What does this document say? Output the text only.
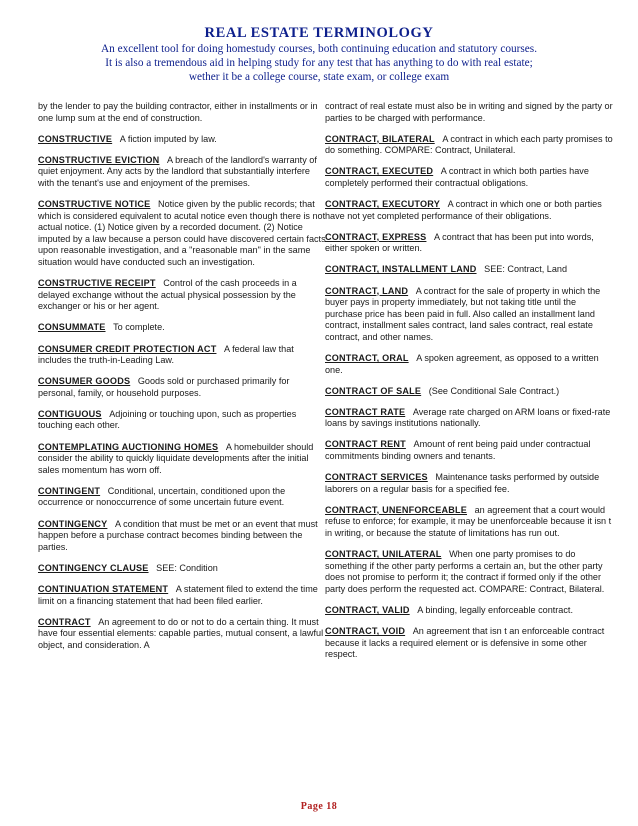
REAL ESTATE TERMINOLOGY
An excellent tool for doing homestudy courses, both continuing education and statutory courses.
It is also a tremendous aid in helping study for any test that has anything to do with real estate;
wether it be a college course, state exam, or college exam
by the lender to pay the building contractor, either in installments or in one lump sum at the end of construction.
CONSTRUCTIVE A fiction imputed by law.
CONSTRUCTIVE EVICTION A breach of the landlord's warranty of quiet enjoyment. Any acts by the landlord that substantially interfere with the tenant's use and enjoyment of the premises.
CONSTRUCTIVE NOTICE Notice given by the public records; that which is considered equivalent to acutal notice even though there is not actual notice. (1) Notice given by a recorded document. (2) Notice imputed by a law because a person could have discovered certain facts upon reasonable investigation, and a "reasonable man" in the same situation would have conducted such an investigation.
CONSTRUCTIVE RECEIPT Control of the cash proceeds in a delayed exchange without the actual physical possession by the exchanger or his or her agent.
CONSUMMATE To complete.
CONSUMER CREDIT PROTECTION ACT A federal law that includes the truth-in-Leading Law.
CONSUMER GOODS Goods sold or purchased primarily for personal, family, or household purposes.
CONTIGUOUS Adjoining or touching upon, such as properties touching each other.
CONTEMPLATING AUCTIONING HOMES A homebuilder should consider the ability to quickly liquidate developments after the initial sales momentum has worn off.
CONTINGENT Conditional, uncertain, conditioned upon the occurrence or nonoccurrence of some uncertain future event.
CONTINGENCY A condition that must be met or an event that must happen before a purchase contract becomes binding between the parties.
CONTINGENCY CLAUSE SEE: Condition
CONTINUATION STATEMENT A statement filed to extend the time limit on a financing statement that had been filed earlier.
CONTRACT An agreement to do or not to do a certain thing. It must have four essential elements: capable parties, mutual consent, a lawful object, and consideration. A
contract of real estate must also be in writing and signed by the party or parties to be charged with performance.
CONTRACT, BILATERAL A contract in which each party promises to do something. COMPARE: Contract, Unilateral.
CONTRACT, EXECUTED A contract in which both parties have completely performed their contractual obligations.
CONTRACT, EXECUTORY A contract in which one or both parties have not yet completed performance of their obligations.
CONTRACT, EXPRESS A contract that has been put into words, either spoken or written.
CONTRACT, INSTALLMENT LAND SEE: Contract, Land
CONTRACT, LAND A contract for the sale of property in which the buyer pays in property immediately, but not taking title until the purchase price has been paid in full. Also called an installment land contract, installment sales contract, land sales contract, real estate contract, and other names.
CONTRACT, ORAL A spoken agreement, as opposed to a written one.
CONTRACT OF SALE (See Conditional Sale Contract.)
CONTRACT RATE Average rate charged on ARM loans or fixed-rate loans by savings institutions nationally.
CONTRACT RENT Amount of rent being paid under contractual commitments binding owners and tenants.
CONTRACT SERVICES Maintenance tasks performed by outside laborers on a regular basis for a specified fee.
CONTRACT, UNENFORCEABLE an agreement that a court would refuse to enforce; for example, it may be unenforceable because it isn t in writing, or because the statute of limitations has run out.
CONTRACT, UNILATERAL When one party promises to do something if the other party performs a certain an, but the other party does not promise to perform it; the contract if formed only if the other party does perform the requested act. COMPARE: Contract, Bilateral.
CONTRACT, VALID A binding, legally enforceable contract.
CONTRACT, VOID An agreement that isn t an enforceable contract because it lacks a required element or is defensive in some other respect.
Page 18
